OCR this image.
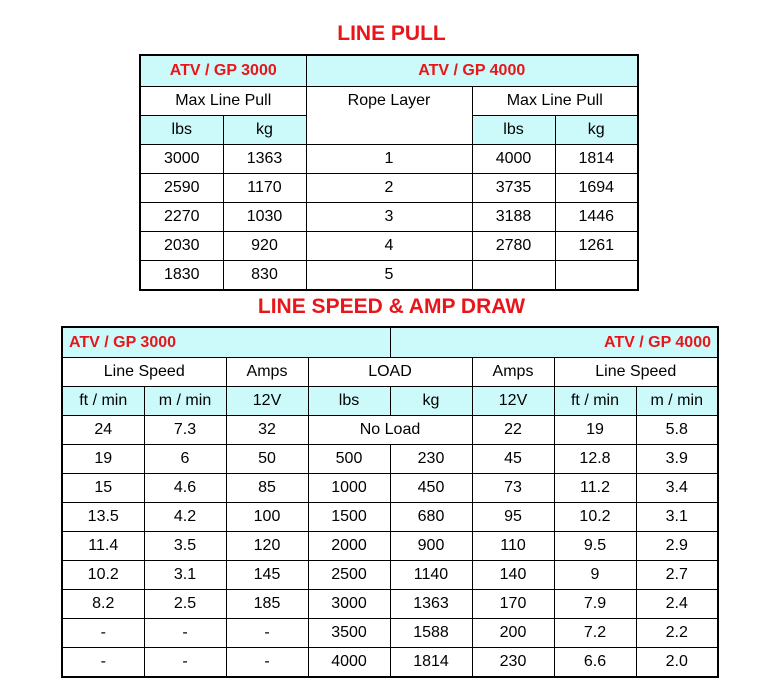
LINE PULL
ATV / GP 3000		ATV / GP 4000		
Max Line Pull		Rope Layer	Max Line Pull	
lbs	kg		lbs	kg
3000	1363	1	4000	1814
2590	1170	2	3735	1694
2270	1030	3	3188	1446
2030	920	4	2780	1261
1830	830	5		
LINE SPEED & AMP DRAW
ATV / GP 3000				ATV / GP 4000			
Line Speed		Amps	LOAD		Amps	Line Speed	
ft / min	m / min	12V	lbs	kg	12V	ft / min	m / min
24	7.3	32	No Load		22	19	5.8
19	6	50	500	230	45	12.8	3.9
15	4.6	85	1000	450	73	11.2	3.4
13.5	4.2	100	1500	680	95	10.2	3.1
11.4	3.5	120	2000	900	110	9.5	2.9
10.2	3.1	145	2500	1140	140	9	2.7
8.2	2.5	185	3000	1363	170	7.9	2.4
-	-	-	3500	1588	200	7.2	2.2
-	-	-	4000	1814	230	6.6	2.0
